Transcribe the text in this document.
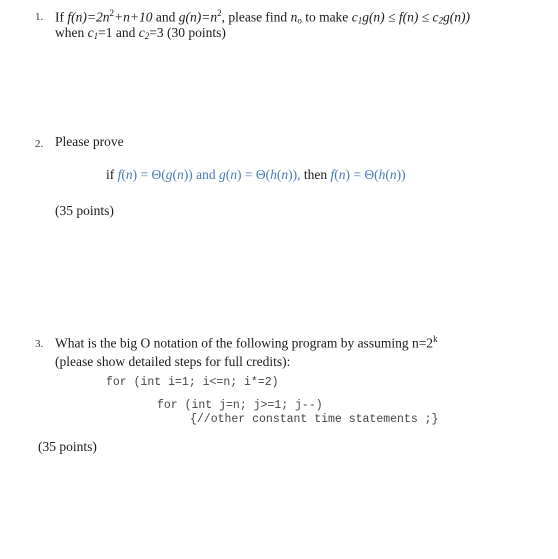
1. If $f(n)=2n^2+n+10$ and $g(n)=n^2$, please find $n_o$ to make $c_1g(n) \le f(n) \le c_2g(n)$)
when $c_1=1$ and $c_2=3$ (30 points)
2. Please prove
if f(n) = Θ(g(n)) and g(n) = Θ(h(n)), then f(n) = Θ(h(n))
(35 points)
3. What is the big O notation of the following program by assuming $n=2^k$
(please show detailed steps for full credits):
for (int i=1; i<=n; i*=2)
for (int j=n; j>=1; j--)
{//other constant time statements ;}
(35 points)
